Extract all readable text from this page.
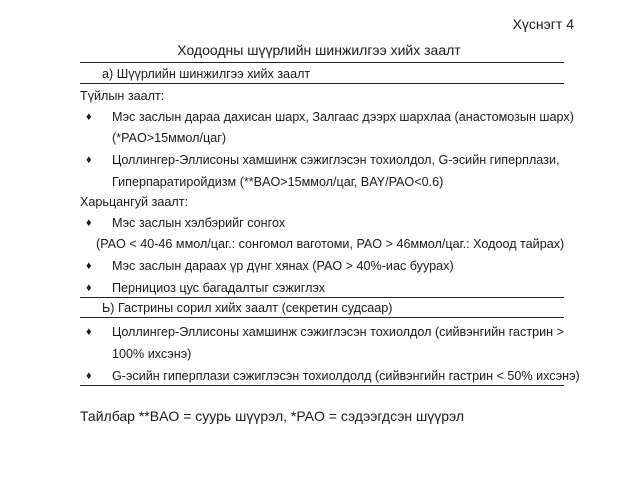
Хүснэгт 4
Ходоодны шүүрлийн шинжилгээ хийх заалт
а) Шүүрлийн шинжилгээ хийх заалт
Түйлын заалт:
♦ Мэс заслын дараа дахисан шарх, Залгаас дээрх шархлаа (анастомозын шарх)
(*PAO>15ммол/цаг)
♦ Цоллингер-Эллисоны хамшинж сэжиглэсэн тохиолдол, G-эсийн гиперплази,
Гиперпаратиройдизм (**BAO>15ммол/цаг, BAY/PAO<0.6)
Харьцангуй заалт:
♦ Мэс заслын хэлбэрийг сонгох
(PAO < 40-46 ммол/цаг.: сонгомол ваготоми, PAO > 46ммол/цаг.: Ходоод тайрах)
♦ Мэс заслын дараах үр дүнг хянах (PAO > 40%-иас буурах)
♦ Пернициоз цус багадалтыг сэжиглэх
Ь) Гастрины сорил хийх заалт (секретин судсаар)
♦ Цоллингер-Эллисоны хамшинж сэжиглэсэн тохиолдол (сийвэнгийн гастрин >
100% ихсэнэ)
♦ G-эсийн гиперплази сэжиглэсэн тохиолдолд (сийвэнгийн гастрин < 50% ихсэнэ)
Тайлбар **BAO = суурь шүүрэл, *PAO = сэдээгдсэн шүүрэл
